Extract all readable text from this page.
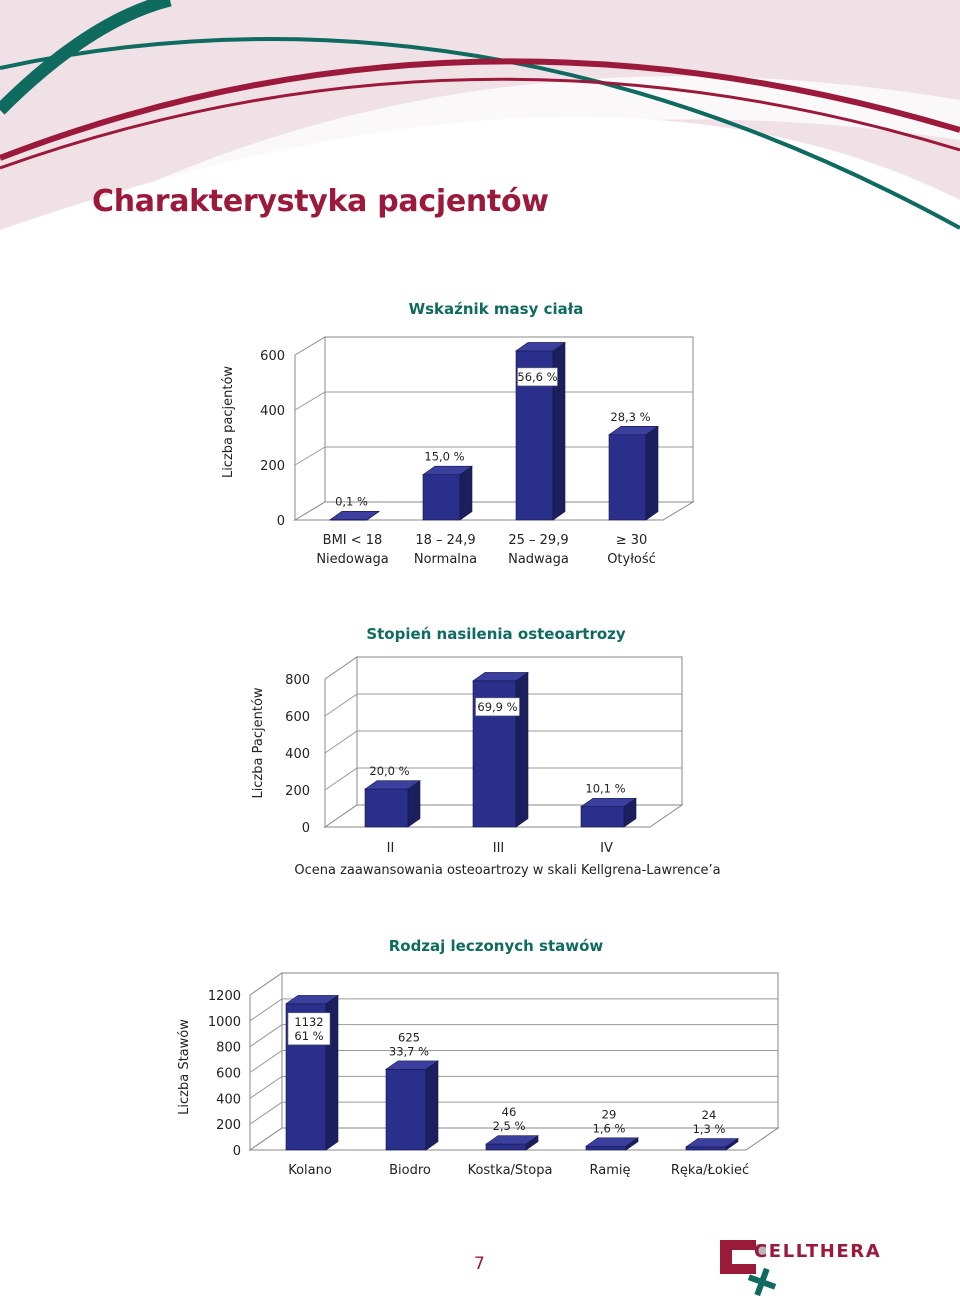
Charakterystyka pacjentów
Wskaźnik masy ciała
Liczba pacjentów
0
200
400
600
0,1 %
BMI < 18
Niedowaga
15,0 %
18 – 24,9
Normalna
56,6 %
25 – 29,9
Nadwaga
28,3 %
≥ 30
Otyłość
Stopień nasilenia osteoartrozy
Liczba Pacjentów
0
200
400
600
800
20,0 %
II
69,9 %
III
10,1 %
IV
Ocena zaawansowania osteoartrozy w skali Kellgrena-Lawrence’a
Rodzaj leczonych stawów
Liczba Stawów
0
200
400
600
800
1000
1200
1132
61 %
Kolano
625
33,7 %
Biodro
46
2,5 %
Kostka/Stopa
29
1,6 %
Ramię
24
1,3 %
Ręka/Łokieć
7
CELLTHERA
